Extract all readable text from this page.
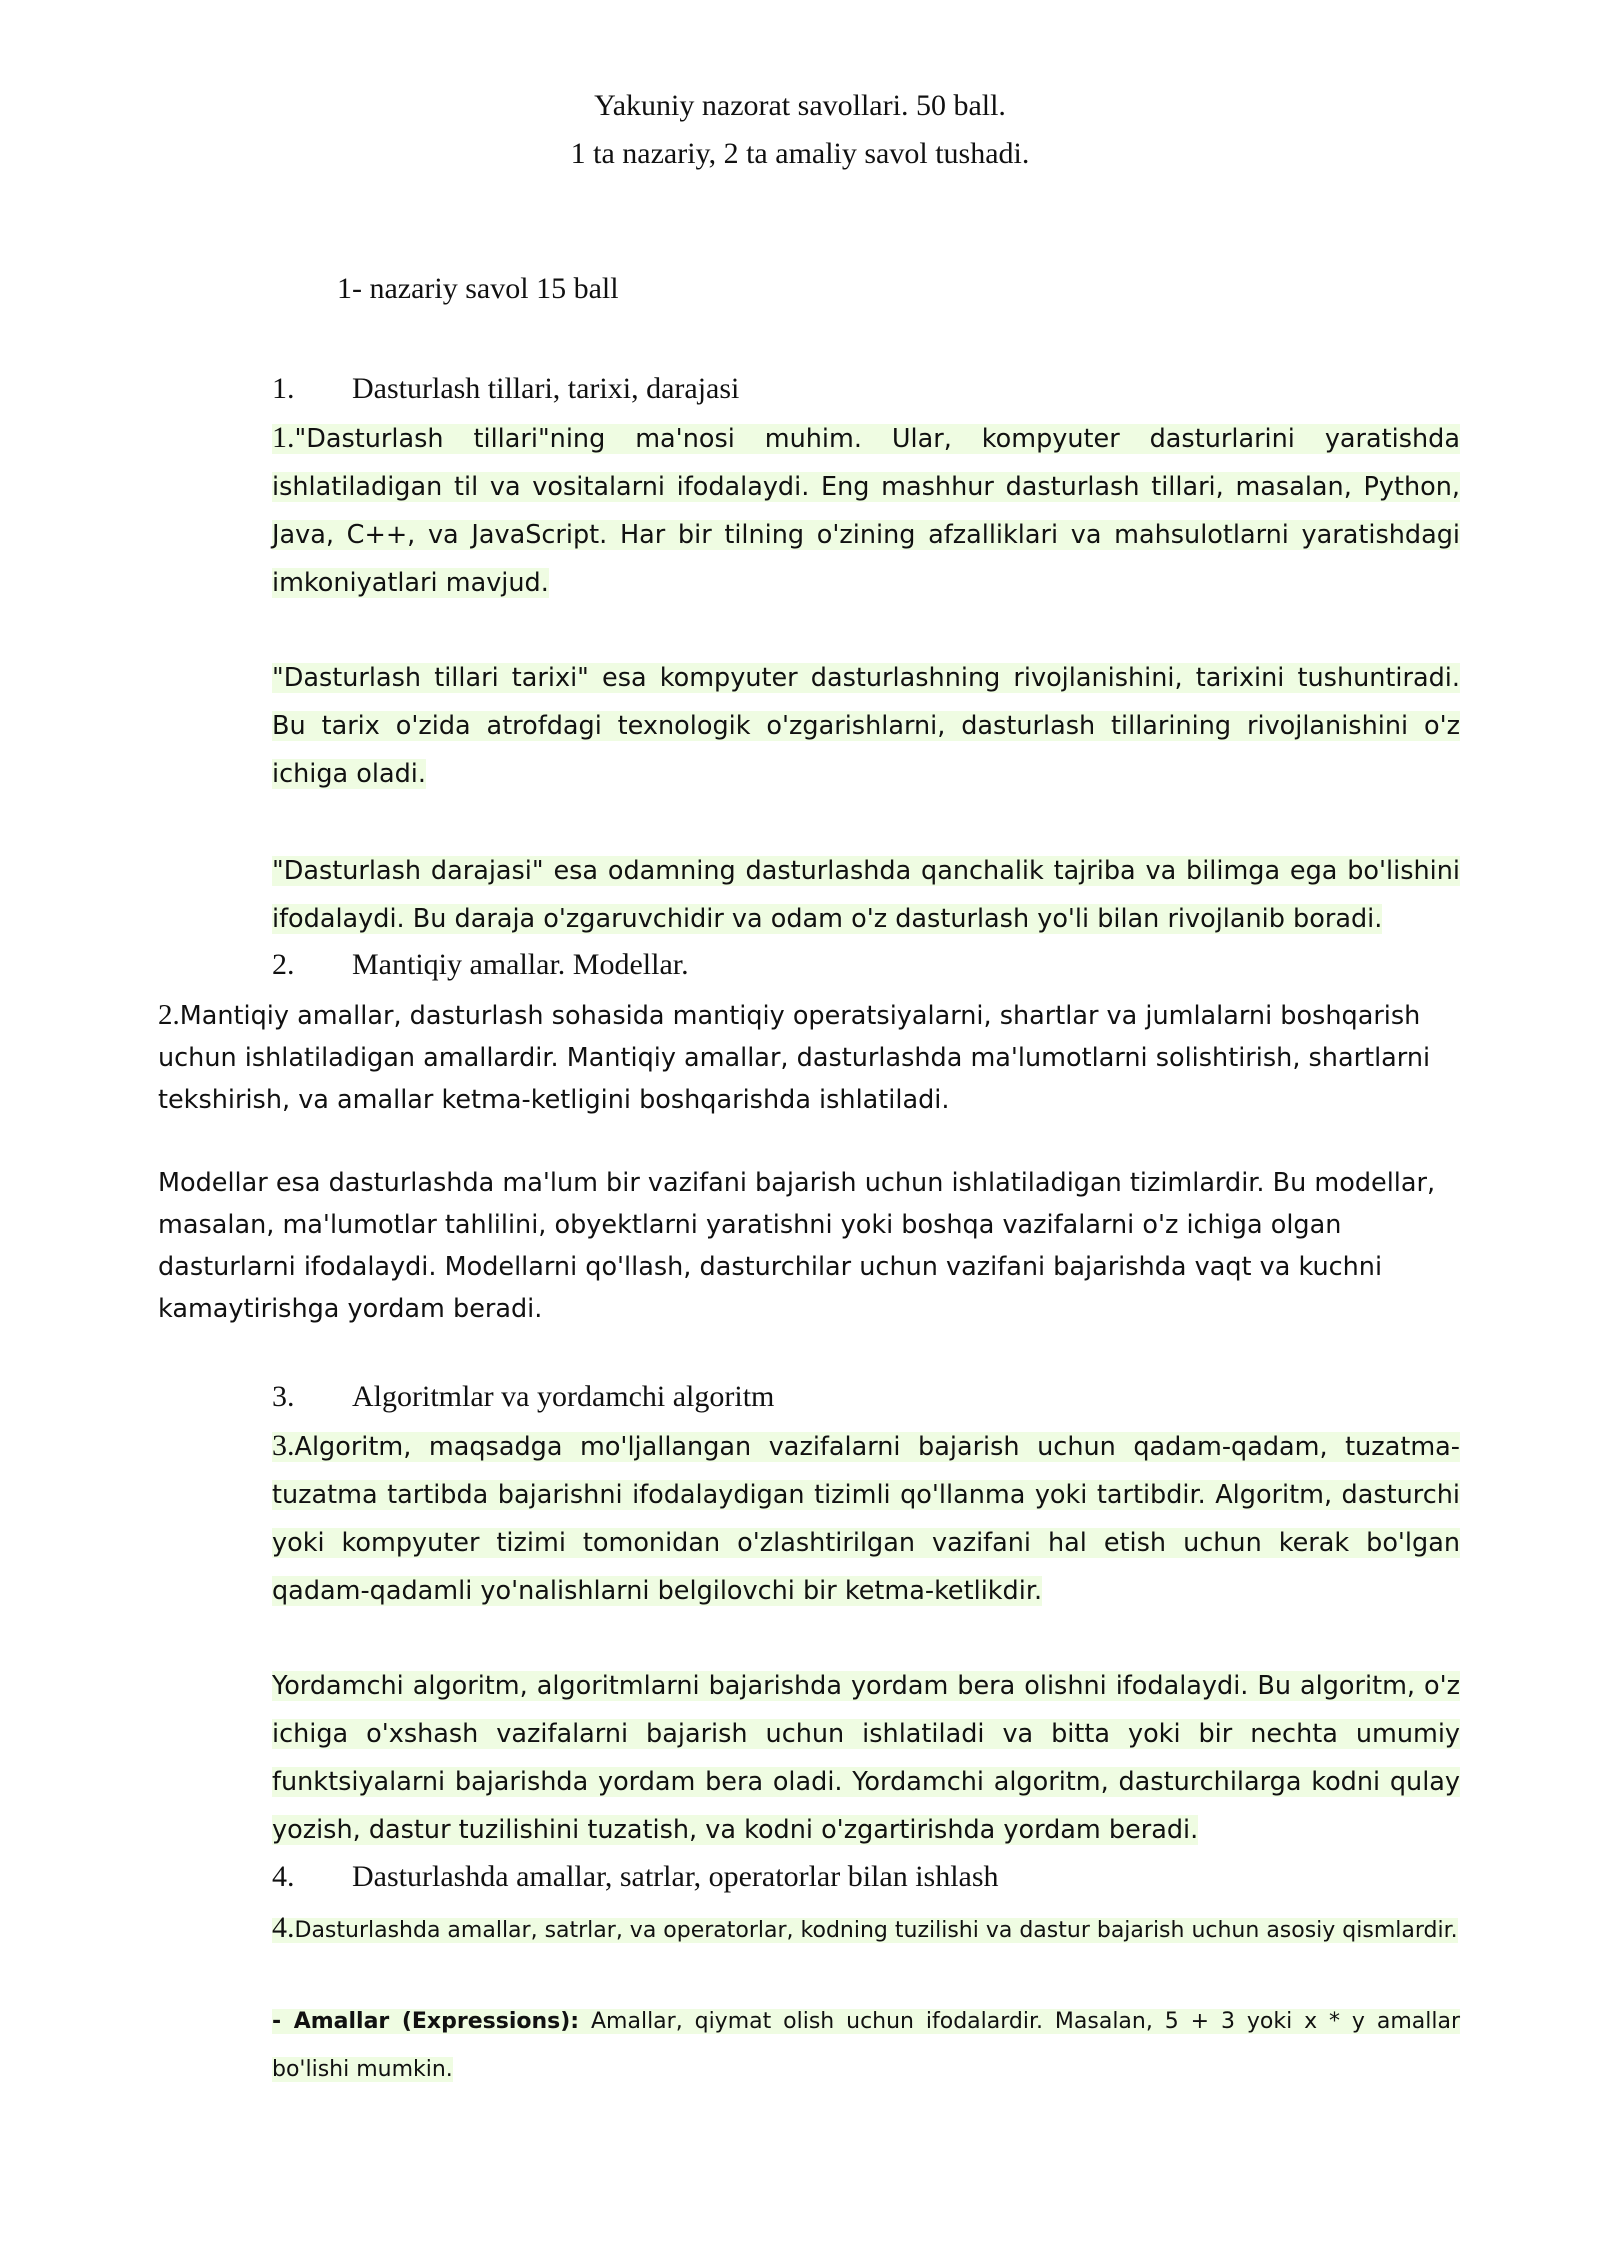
Yakuniy nazorat savollari. 50 ball.
1 ta nazariy, 2 ta amaliy savol tushadi.
1- nazariy savol 15 ball
1. Dasturlash tillari, tarixi, darajasi
1."Dasturlash tillari"ning ma'nosi muhim. Ular, kompyuter dasturlarini yaratishda ishlatiladigan til va vositalarni ifodalaydi. Eng mashhur dasturlash tillari, masalan, Python, Java, C++, va JavaScript. Har bir tilning o'zining afzalliklari va mahsulotlarni yaratishdagi imkoniyatlari mavjud.
"Dasturlash tillari tarixi" esa kompyuter dasturlashning rivojlanishini, tarixini tushuntiradi. Bu tarix o'zida atrofdagi texnologik o'zgarishlarni, dasturlash tillarining rivojlanishini o'z ichiga oladi.
"Dasturlash darajasi" esa odamning dasturlashda qanchalik tajriba va bilimga ega bo'lishini ifodalaydi. Bu daraja o'zgaruvchidir va odam o'z dasturlash yo'li bilan rivojlanib boradi.
2. Mantiqiy amallar. Modellar.
2.Mantiqiy amallar, dasturlash sohasida mantiqiy operatsiyalarni, shartlar va jumlalarni boshqarish uchun ishlatiladigan amallardir. Mantiqiy amallar, dasturlashda ma'lumotlarni solishtirish, shartlarni tekshirish, va amallar ketma-ketligini boshqarishda ishlatiladi.
Modellar esa dasturlashda ma'lum bir vazifani bajarish uchun ishlatiladigan tizimlardir. Bu modellar, masalan, ma'lumotlar tahlilini, obyektlarni yaratishni yoki boshqa vazifalarni o'z ichiga olgan dasturlarni ifodalaydi. Modellarni qo'llash, dasturchilar uchun vazifani bajarishda vaqt va kuchni kamaytirishga yordam beradi.
3. Algoritmlar va yordamchi algoritm
3.Algoritm, maqsadga mo'ljallangan vazifalarni bajarish uchun qadam-qadam, tuzatma-tuzatma tartibda bajarishni ifodalaydigan tizimli qo'llanma yoki tartibdir. Algoritm, dasturchi yoki kompyuter tizimi tomonidan o'zlashtirilgan vazifani hal etish uchun kerak bo'lgan qadam-qadamli yo'nalishlarni belgilovchi bir ketma-ketlikdir.
Yordamchi algoritm, algoritmlarni bajarishda yordam bera olishni ifodalaydi. Bu algoritm, o'z ichiga o'xshash vazifalarni bajarish uchun ishlatiladi va bitta yoki bir nechta umumiy funktsiyalarni bajarishda yordam bera oladi. Yordamchi algoritm, dasturchilarga kodni qulay yozish, dastur tuzilishini tuzatish, va kodni o'zgartirishda yordam beradi.
4. Dasturlashda amallar, satrlar, operatorlar bilan ishlash
4.Dasturlashda amallar, satrlar, va operatorlar, kodning tuzilishi va dastur bajarish uchun asosiy qismlardir.
- Amallar (Expressions): Amallar, qiymat olish uchun ifodalardir. Masalan, 5 + 3 yoki x * y amallar bo'lishi mumkin.
